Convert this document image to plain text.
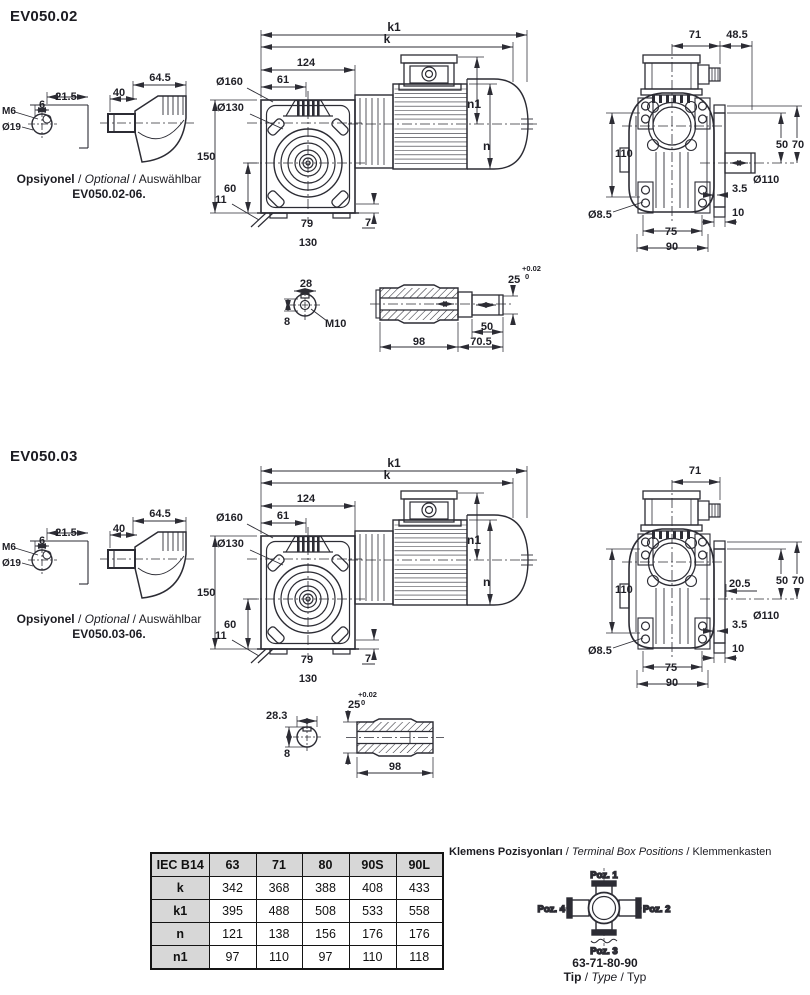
21.5
6
M6
Ø19
64.5
40
k1
k
124
61
Ø160
Ø130
150
60
11
79
130
7
n1
n
71 48.5
110
50 70
Ø110
3.5
10
75
90
Ø8.5
28
8	M10
25
+0.02
0
50
98	70.5
21.5
6
M6
Ø19
64.5
40
k1
k
124
61
Ø160
Ø130
150
60
11
79
130
7
n1
n
71
20.5
110
50 70
Ø110
3.5
10
75
90
Ø8.5
28.3
8
25
+0.02
0
98
Poz. 1
Poz. 2
Poz. 3
Poz. 4
EV050.02
Opsiyonel / Optional / Auswählbar
EV050.02-06.
EV050.03
Opsiyonel / Optional / Auswählbar
EV050.03-06.
IEC B14	63	71	80	90S	90L
k	342	368	388	408	433
k1	395	488	508	533	558
n	121	138	156	176	176
n1	97	110	97	110	118
Klemens Pozisyonları / Terminal Box Positions / Klemmenkasten
63-71-80-90
Tip / Type / Typ
